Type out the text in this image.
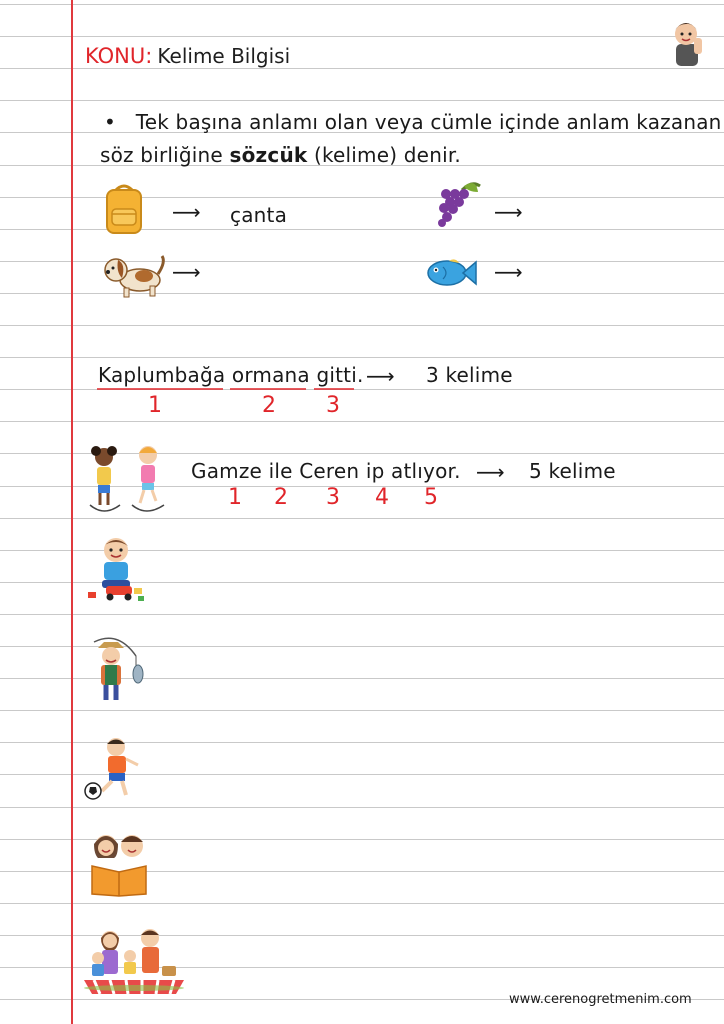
KONU: Kelime Bilgisi
• Tek başına anlamı olan veya cümle içinde anlam kazanan
söz birliğine sözcük (kelime) denir.
⟶ çanta	⟶
⟶	⟶
Kaplumbağa ormana gitti. ⟶ 3 kelime
1	2 3
Gamze ile Ceren ip atlıyor. ⟶ 5 kelime
1 2 3 4 5
www.cerenogretmenim.com
